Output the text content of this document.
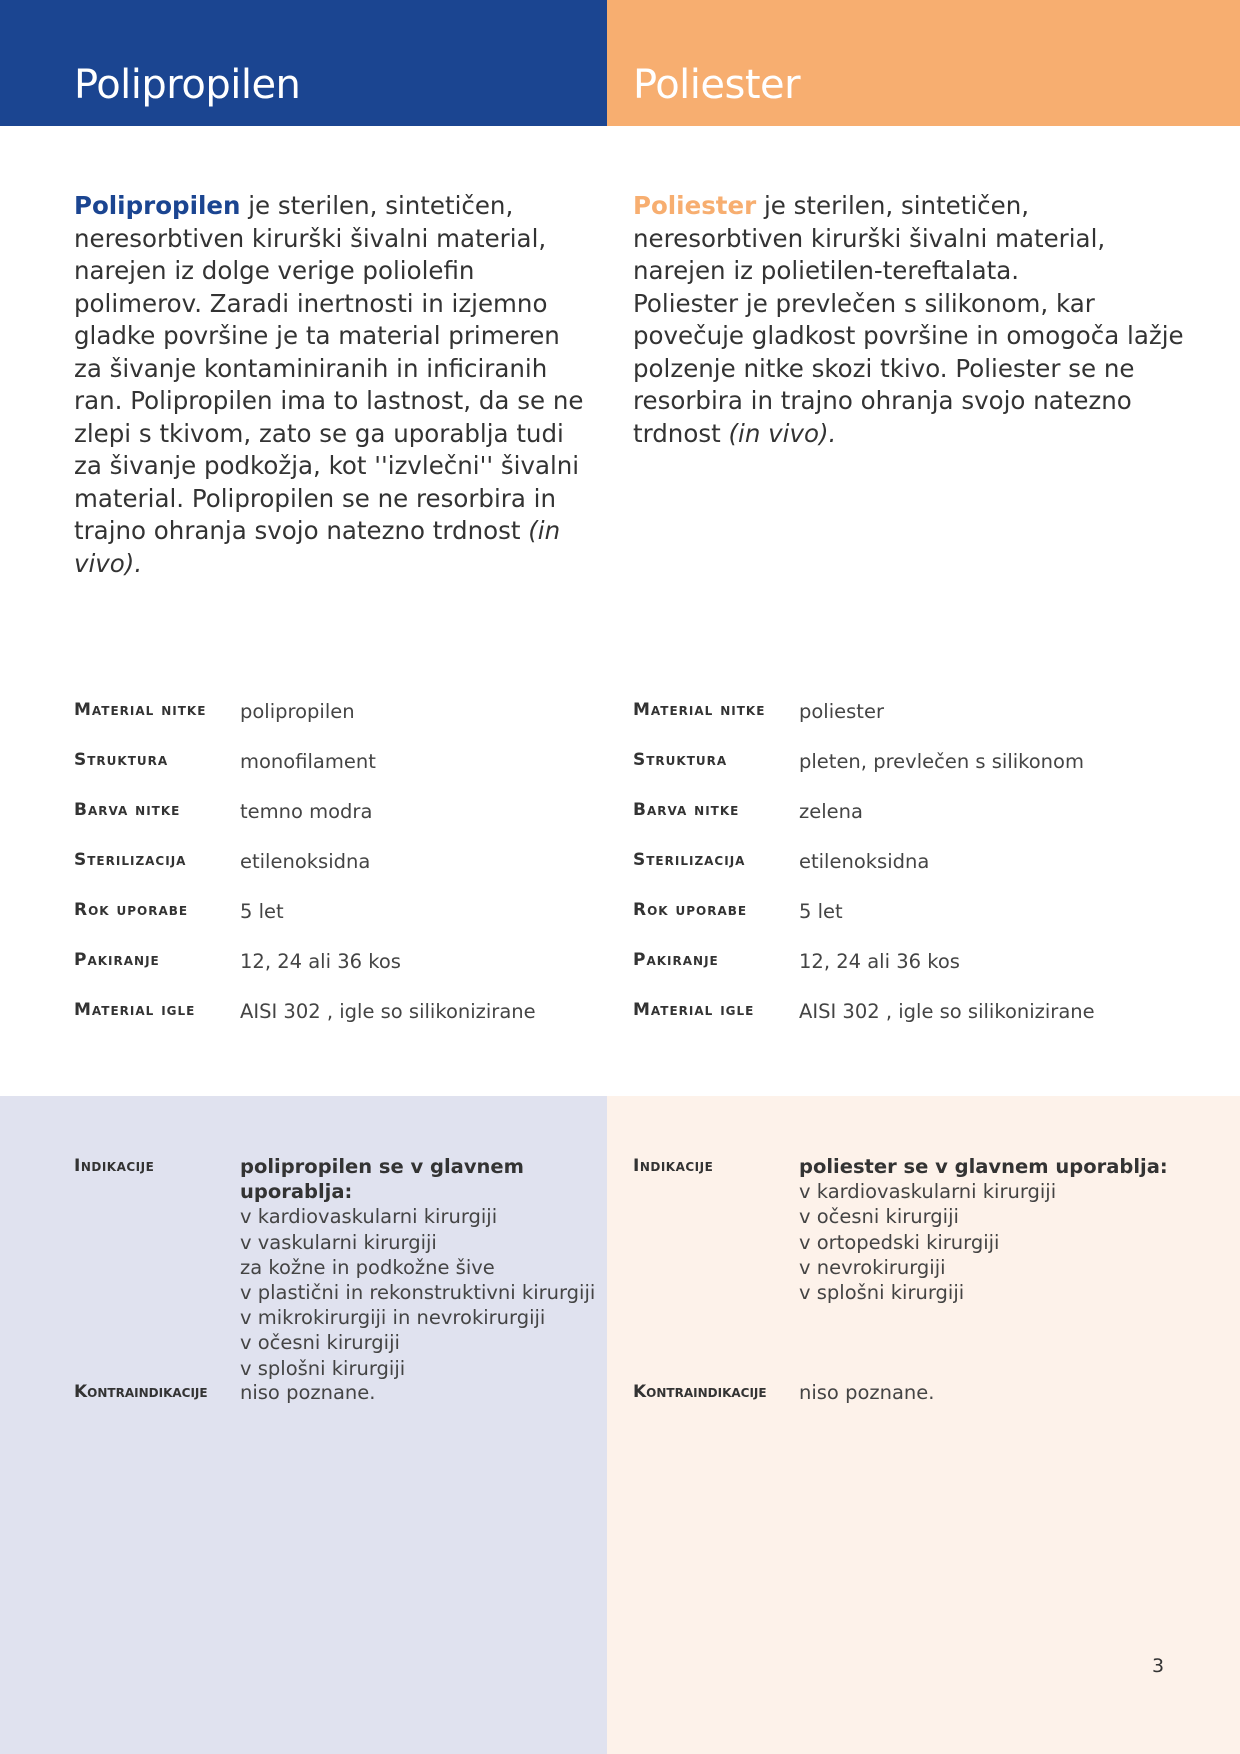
Polipropilen

Polipropilen je sterilen, sintetičen, neresorbtiven kirurški šivalni material, narejen iz dolge verige poliolefin polimerov. Zaradi inertnosti in izjemno gladke površine je ta material primeren za šivanje kontaminiranih in inficiranih ran. Polipropilen ima to lastnost, da se ne zlepi s tkivom, zato se ga uporablja tudi za šivanje podkožja, kot ''izvlečni'' šivalni material. Polipropilen se ne resorbira in trajno ohranja svojo natezno trdnost (in vivo).

Material nitke	polipropilen
Struktura	monofilament
Barva nitke	temno modra
Sterilizacija	etilenoksidna
Rok uporabe	5 let
Pakiranje	12, 24 ali 36 kos
Material igle	AISI 302 , igle so silikonizirane
Indikacije	polipropilen se v glavnem uporablja:
v kardiovaskularni kirurgiji
v vaskularni kirurgiji
za kožne in podkožne šive
v plastični in rekonstruktivni kirurgiji
v mikrokirurgiji in nevrokirurgiji
v očesni kirurgiji
v splošni kirurgiji
Kontraindikacije	niso poznane.
Poliester

Poliester je sterilen, sintetičen, neresorbtiven kirurški šivalni material, narejen iz polietilen-tereftalata.
Poliester je prevlečen s silikonom, kar povečuje gladkost površine in omogoča lažje polzenje nitke skozi tkivo. Poliester se ne resorbira in trajno ohranja svojo natezno trdnost (in vivo).

Material nitke	poliester
Struktura	pleten, prevlečen s silikonom
Barva nitke	zelena
Sterilizacija	etilenoksidna
Rok uporabe	5 let
Pakiranje	12, 24 ali 36 kos
Material igle	AISI 302 , igle so silikonizirane
Indikacije	poliester se v glavnem uporablja:
v kardiovaskularni kirurgiji
v očesni kirurgiji
v ortopedski kirurgiji
v nevrokirurgiji
v splošni kirurgiji
Kontraindikacije	niso poznane.
3
